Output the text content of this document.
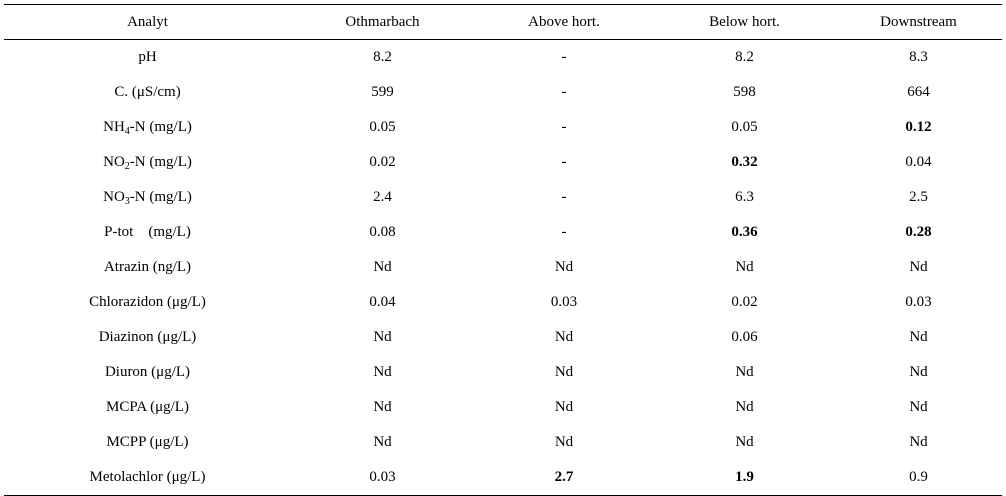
Analyt	Othmarbach	Above hort.	Below hort.	Downstream
pH	8.2	-	8.2	8.3
C. (μS/cm)	599	-	598	664
$NH_4-N$ (mg/L)	0.05	-	0.05	0.12
$NO_2-N$ (mg/L)	0.02	-	0.32	0.04
$NO_3-N$ (mg/L)	2.4	-	6.3	2.5
P-tot    (mg/L)	0.08	-	0.36	0.28
Atrazin (ng/L)	Nd	Nd	Nd	Nd
Chlorazidon (μg/L)	0.04	0.03	0.02	0.03
Diazinon (μg/L)	Nd	Nd	0.06	Nd
Diuron (μg/L)	Nd	Nd	Nd	Nd
MCPA (μg/L)	Nd	Nd	Nd	Nd
MCPP (μg/L)	Nd	Nd	Nd	Nd
Metolachlor (μg/L)	0.03	2.7	1.9	0.9
